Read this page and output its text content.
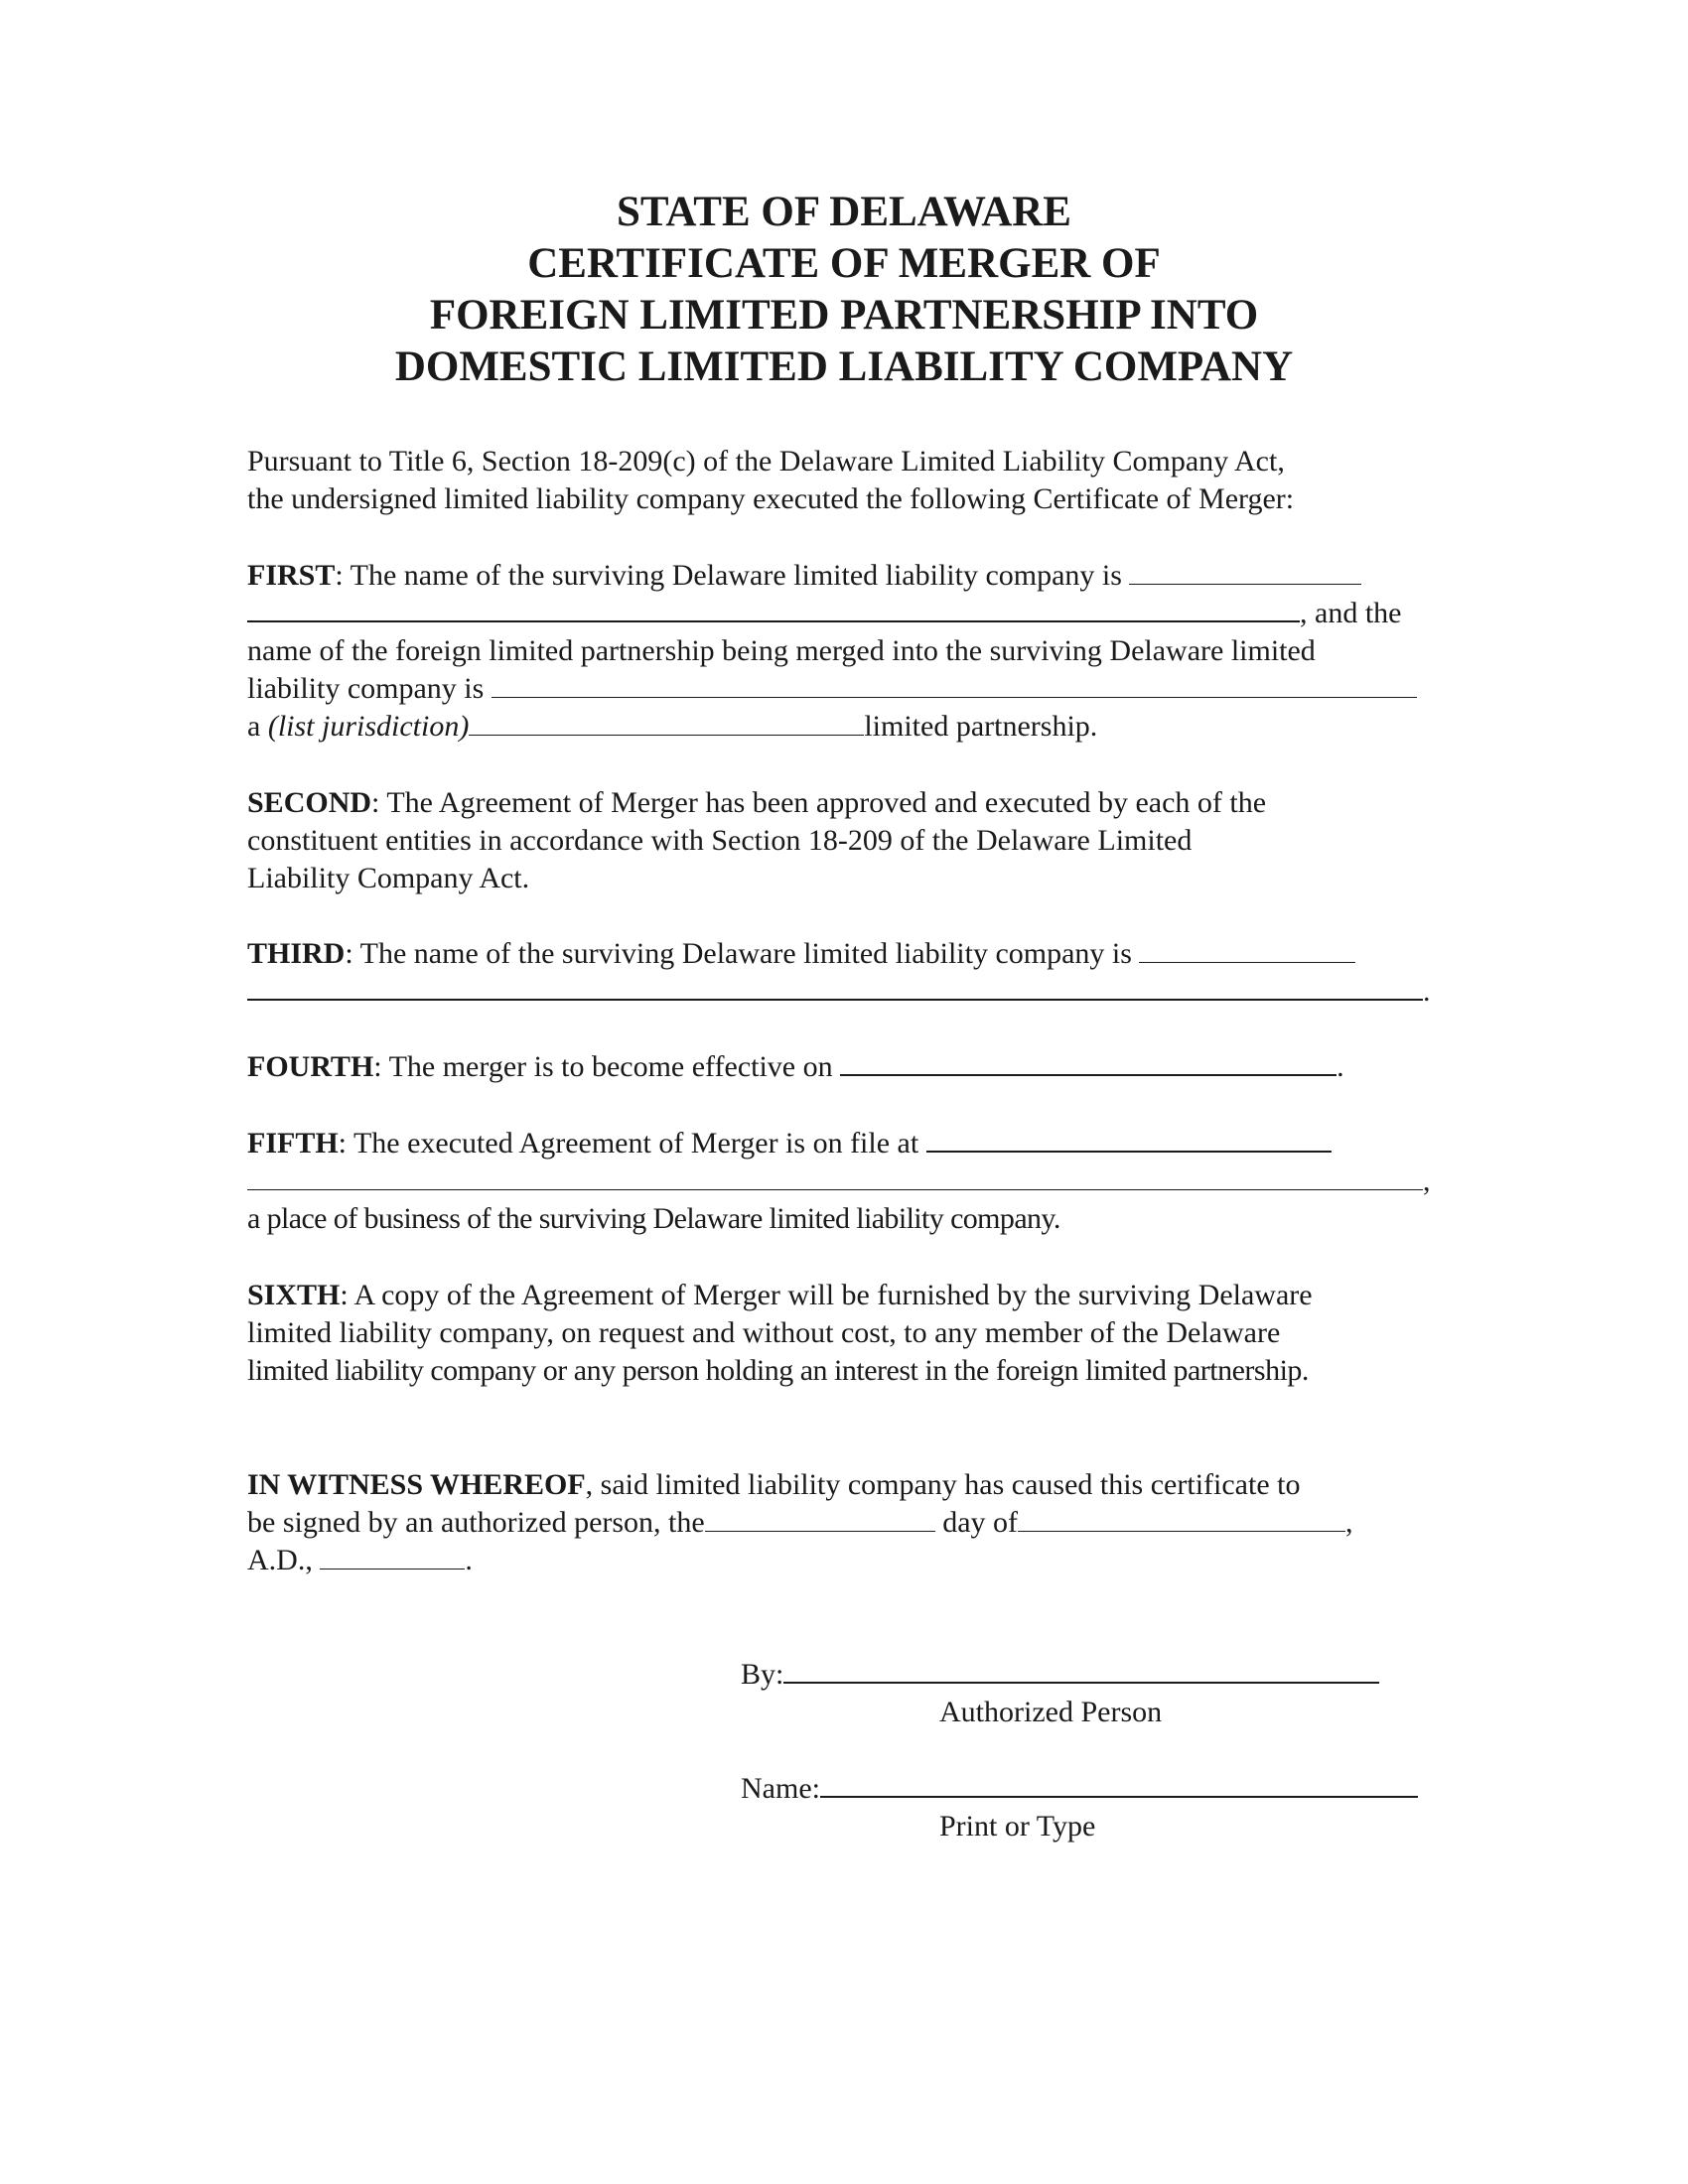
STATE OF DELAWARE
CERTIFICATE OF MERGER OF
FOREIGN LIMITED PARTNERSHIP INTO
DOMESTIC LIMITED LIABILITY COMPANY
Pursuant to Title 6, Section 18-209(c) of the Delaware Limited Liability Company Act,
the undersigned limited liability company executed the following Certificate of Merger:
FIRST: The name of the surviving Delaware limited liability company is
, and the
name of the foreign limited partnership being merged into the surviving Delaware limited
liability company is
a (list jurisdiction)	limited partnership.
SECOND: The Agreement of Merger has been approved and executed by each of the
constituent entities in accordance with Section 18-209 of the Delaware Limited
Liability Company Act.
THIRD: The name of the surviving Delaware limited liability company is
.
FOURTH: The merger is to become effective on	.
FIFTH: The executed Agreement of Merger is on file at
,
a place of business of the surviving Delaware limited liability company.
SIXTH: A copy of the Agreement of Merger will be furnished by the surviving Delaware
limited liability company, on request and without cost, to any member of the Delaware
limited liability company or any person holding an interest in the foreign limited partnership.
IN WITNESS WHEREOF, said limited liability company has caused this certificate to
be signed by an authorized person, the	day of	,
A.D.,	.
By:
Authorized Person
Name:
Print or Type
